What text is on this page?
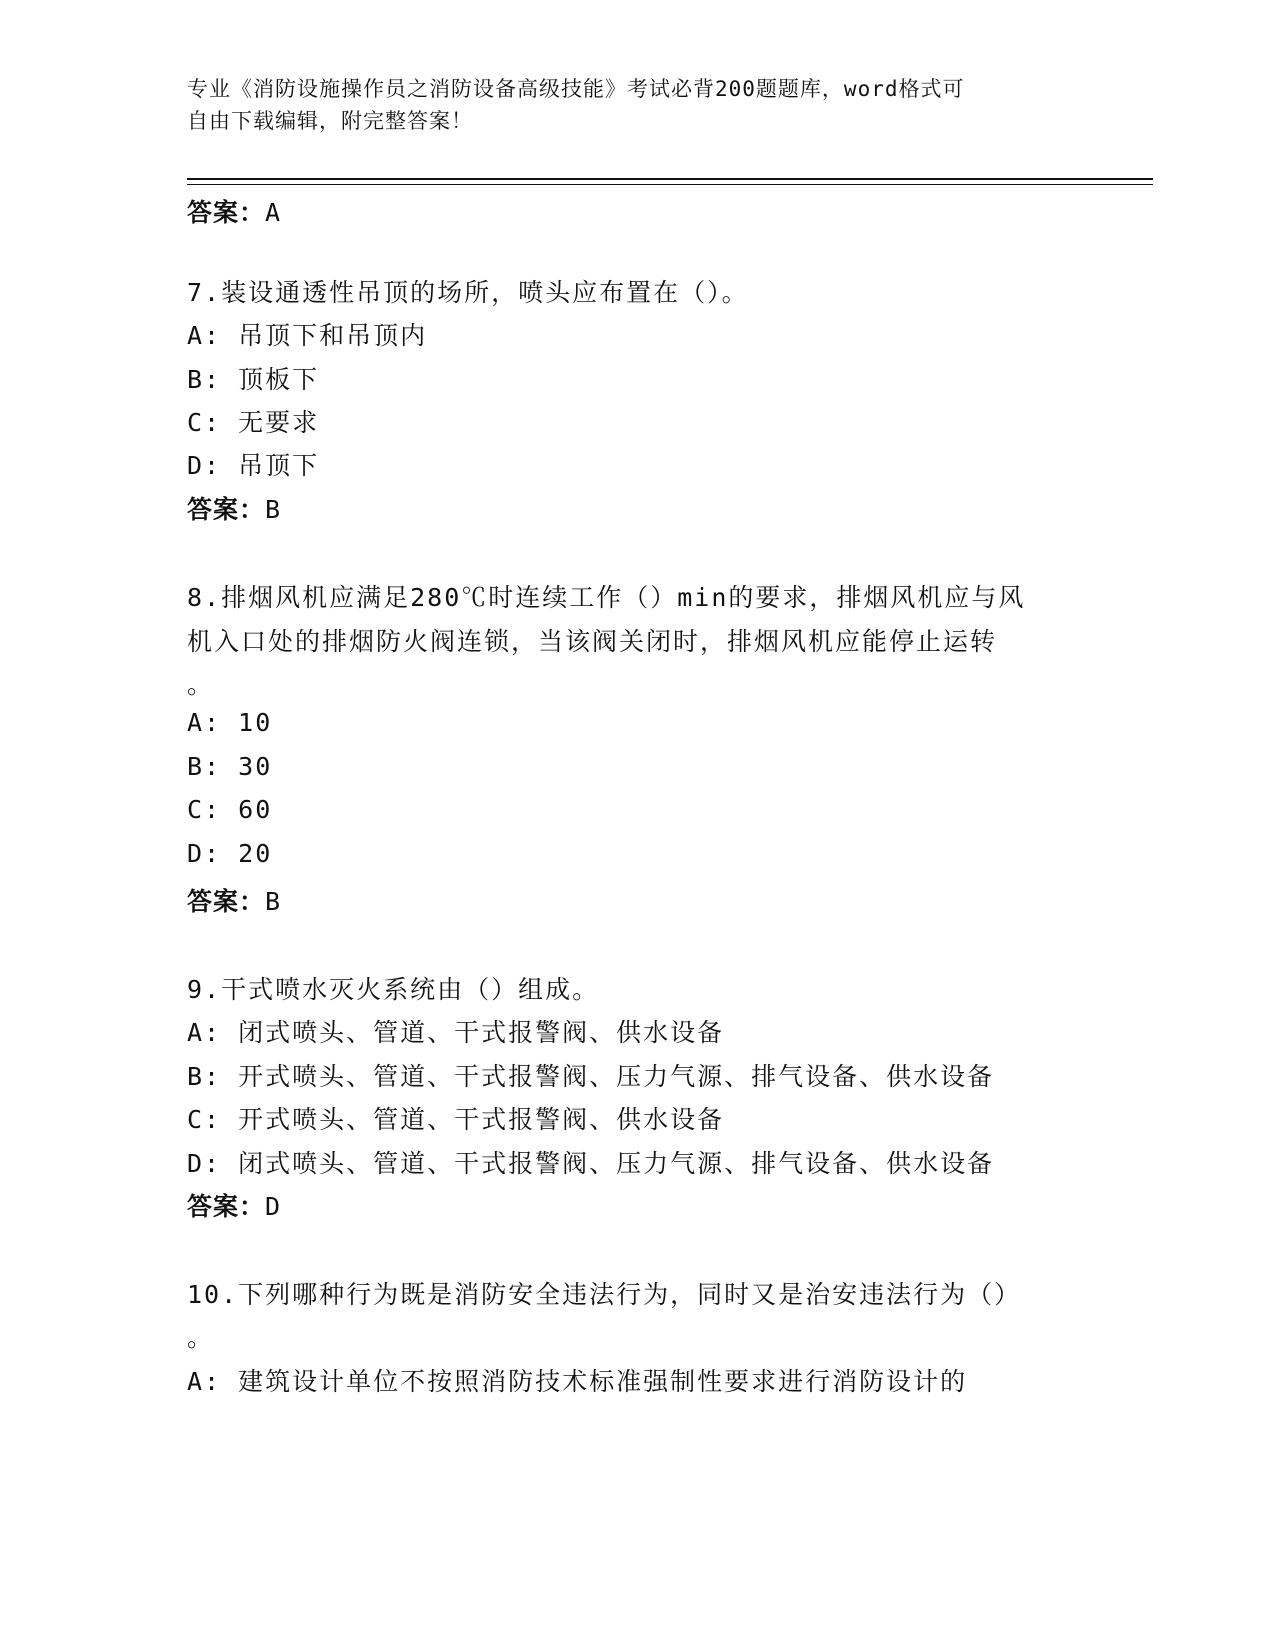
专业《消防设施操作员之消防设备高级技能》考试必背200题题库，word格式可
自由下载编辑，附完整答案！
答案：A
7.装设通透性吊顶的场所，喷头应布置在（）。
A: 吊顶下和吊顶内
B: 顶板下
C: 无要求
D: 吊顶下
答案：B
8.排烟风机应满足280℃时连续工作（）min的要求，排烟风机应与风
机入口处的排烟防火阀连锁，当该阀关闭时，排烟风机应能停止运转
。
A: 10
B: 30
C: 60
D: 20
答案：B
9.干式喷水灭火系统由（）组成。
A: 闭式喷头、管道、干式报警阀、供水设备
B: 开式喷头、管道、干式报警阀、压力气源、排气设备、供水设备
C: 开式喷头、管道、干式报警阀、供水设备
D: 闭式喷头、管道、干式报警阀、压力气源、排气设备、供水设备
答案：D
10.下列哪种行为既是消防安全违法行为，同时又是治安违法行为（）
。
A: 建筑设计单位不按照消防技术标准强制性要求进行消防设计的
